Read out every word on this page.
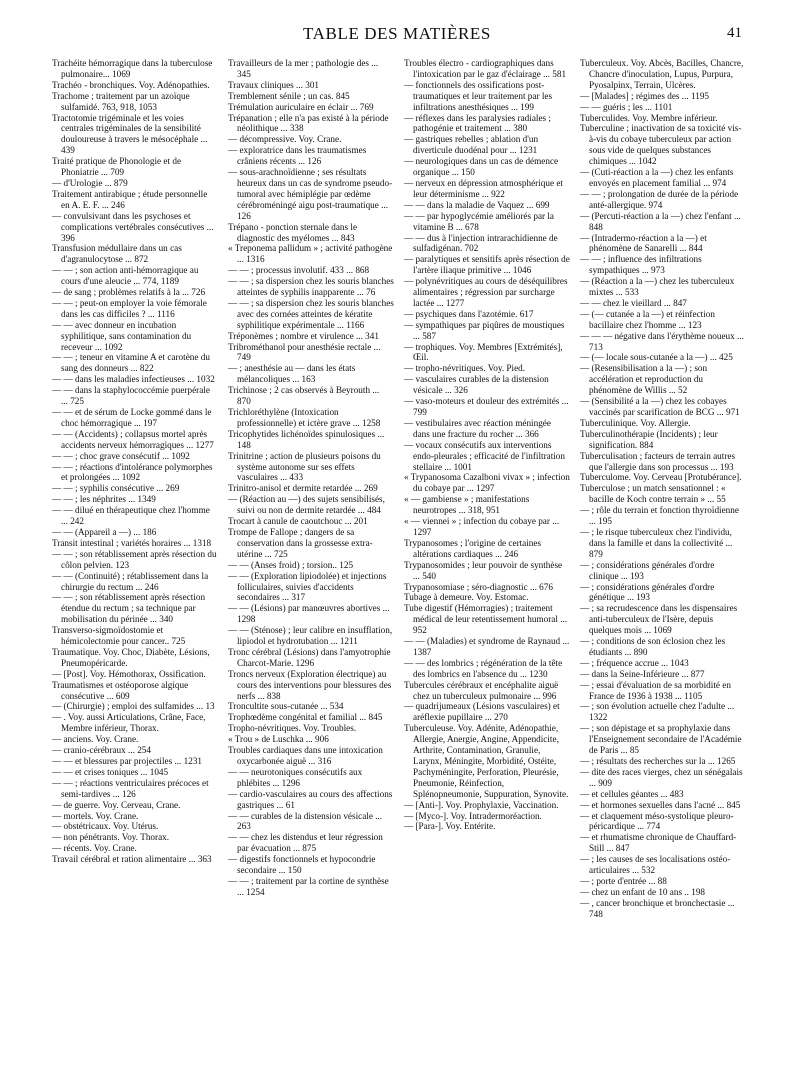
TABLE DES MATIÈRES	41

Trachéite hémorragique dans la tuberculose pulmonaire... 1069

Trachéo - bronchiques. Voy. Adénopathies.

Trachome ; traitement par un azoïque sulfamidé. 763, 918, 1053

Tractotomie trigéminale et les voies centrales trigéminales de la sensibilité douloureuse à travers le mésocéphale ... 439

Traité pratique de Phonologie et de Phoniatrie ... 709

— d'Urologie ... 879

Traitement antirabique ; étude personnelle en A. E. F. ... 246

— convulsivant dans les psychoses et complications vertébrales consécutives ... 396

Transfusion médullaire dans un cas d'agranulocytose ... 872

— — ; son action anti-hémorragique au cours d'une aleucie ... 774, 1189

— de sang ; problèmes relatifs à la ... 726

— — ; peut-on employer la voie fémorale dans les cas difficiles ? ... 1116

— — avec donneur en incubation syphilitique, sans contamination du receveur ... 1092

— — ; teneur en vitamine A et carotène du sang des donneurs ... 822

— — dans les maladies infectieuses ... 1032

— — dans la staphylococcémie puerpérale ... 725

— — et de sérum de Locke gommé dans le choc hémorragique ... 197

— — (Accidents) ; collapsus mortel après accidents nerveux hémorragiques ... 1277

— — ; choc grave consécutif ... 1092

— — ; réactions d'intolérance polymorphes et prolongées ... 1092

— — ; syphilis consécutive ... 269

— — ; les néphrites ... 1349

— — dilué en thérapeutique chez l'homme ... 242

— — (Appareil a —) ... 186

Transit intestinal ; variétés horaires ... 1318

— — ; son rétablissement après résection du côlon pelvien. 123

— — (Continuité) ; rétablissement dans la chirurgie du rectum ... 246

— — ; son rétablissement après résection étendue du rectum ; sa technique par mobilisation du périnée ... 340

Transverso-sigmoïdostomie et hémicolectomie pour cancer.. 725

Traumatique. Voy. Choc, Diabète, Lésions, Pneumopéricarde.

— [Post]. Voy. Hémothorax, Ossification.

Traumatismes et ostéoporose algique consécutive ... 609

— (Chirurgie) ; emploi des sulfamides ... 13

— . Voy. aussi Articulations, Crâne, Face, Membre inférieur, Thorax.

— anciens. Voy. Crane.

— cranio-cérébraux ... 254

— — et blessures par projectiles ... 1231

— — et crises toniques ... 1045

— — ; réactions ventriculaires précoces et semi-tardives ... 126

— de guerre. Voy. Cerveau, Crane.

— mortels. Voy. Crane.

— obstétricaux. Voy. Utérus.

— non pénétrants. Voy. Thorax.

— récents. Voy. Crane.

Travail cérébral et ration alimentaire ... 363

Travailleurs de la mer ; pathologie des ... 345

Travaux cliniques ... 301

Tremblement sénile ; un cas. 845

Trémulation auriculaire en éclair ... 769

Trépanation ; elle n'a pas existé à la période néolithique ... 338

— décompressive. Voy. Crane.

— exploratrice dans les traumatismes crâniens récents ... 126

— sous-arachnoïdienne ; ses résultats heureux dans un cas de syndrome pseudo-tumoral avec hémiplégie par œdème cérébroméningé aigu post-traumatique ... 126

Trépano - ponction sternale dans le diagnostic des myélomes ... 843

« Treponema pallidum » ; activité pathogène ... 1316

— — ; processus involutif. 433 ... 868

— — ; sa dispersion chez les souris blanches atteintes de syphilis inapparente ... 76

— — ; sa dispersion chez les souris blanches avec des cornées atteintes de kératite syphilitique expérimentale ... 1166

Tréponèmes ; nombre et virulence ... 341

Tribrométhanol pour anesthésie rectale ... 749

— ; anesthésie au — dans les états mélancoliques ... 163

Trichinose ; 2 cas observés à Beyrouth ... 870

Trichloréthylène (Intoxication professionnelle) et ictère grave ... 1258

Tricophytides lichénoïdes spinulosiques ... 148

Trinitrine ; action de plusieurs poisons du système autonome sur ses effets vasculaires ... 433

Trinitro-anisol et dermite retardée ... 269

— (Réaction au —) des sujets sensibilisés, suivi ou non de dermite retardée ... 484

Trocart à canule de caoutchouc ... 201

Trompe de Fallope ; dangers de sa conservation dans la grossesse extra-utérine ... 725

— — (Anses froid) ; torsion.. 125

— — (Exploration lipiodolée) et injections folliculaires, suivies d'accidents secondaires ... 317

— — (Lésions) par manœuvres abortives ... 1298

— — (Sténose) ; leur calibre en insufflation, lipiodol et hydrotubation ... 1211

Tronc cérébral (Lésions) dans l'amyotrophie Charcot-Marie. 1296

Troncs nerveux (Exploration électrique) au cours des interventions pour blessures des nerfs ... 838

Troncultite sous-cutanée ... 534

Trophœdème congénital et familial ... 845

Tropho-névritiques. Voy. Troubles.

« Trou » de Luschka ... 906

Troubles cardiaques dans une intoxication oxycarbonée aiguë ... 316

— — neurotoniques consécutifs aux phlébites ... 1296

— cardio-vasculaires au cours des affections gastriques ... 61

— — curables de la distension vésicale ... 263

— — chez les distendus et leur régression par évacuation ... 875

— digestifs fonctionnels et hypocondrie secondaire ... 150

— — ; traitement par la cortine de synthèse ... 1254

Troubles électro - cardiographiques dans l'intoxication par le gaz d'éclairage ... 581

— fonctionnels des ossifications post-traumatiques et leur traitement par les infiltrations anesthésiques ... 199

— réflexes dans les paralysies radiales ; pathogénie et traitement ... 380

— gastriques rebelles ; ablation d'un diverticule duodénal pour ... 1231

— neurologiques dans un cas de démence organique ... 150

— nerveux en dépression atmosphérique et leur déterminisme ... 922

— — dans la maladie de Vaquez ... 699

— — par hypoglycémie améliorés par la vitamine B ... 678

— — dus à l'injection intrarachidienne de sulfadigénan. 702

— paralytiques et sensitifs après résection de l'artère iliaque primitive ... 1046

— polynévritiques au cours de déséquilibres alimentaires ; régression par surcharge lactée ... 1277

— psychiques dans l'azotémie. 617

— sympathiques par piqûres de moustiques ... 587

— trophiques. Voy. Membres [Extrémités], Œil.

— tropho-névritiques. Voy. Pied.

— vasculaires curables de la distension vésicale ... 326

— vaso-moteurs et douleur des extrémités ... 799

— vestibulaires avec réaction méningée dans une fracture du rocher ... 366

— vocaux consécutifs aux interventions endo-pleurales ; efficacité de l'infiltration stellaire ... 1001

« Trypanosoma Cazalboni vivax » ; infection du cobaye par ... 1297

« — gambiense » ; manifestations neurotropes ... 318, 951

« — viennei » ; infection du cobaye par ... 1297

Trypanosomes ; l'origine de certaines altérations cardiaques ... 246

Trypanosomides ; leur pouvoir de synthèse ... 540

Trypanosomiase ; séro-diagnostic ... 676

Tubage à demeure. Voy. Estomac.

Tube digestif (Hémorragies) ; traitement médical de leur retentissement humoral ... 952

— — (Maladies) et syndrome de Raynaud ... 1387

— — des lombrics ; régénération de la tête des lombrics en l'absence du ... 1230

Tubercules cérébraux et encéphalite aiguë chez un tuberculeux pulmonaire ... 996

— quadrijumeaux (Lésions vasculaires) et aréflexie pupillaire ... 270

Tuberculeuse. Voy. Adénite, Adénopathie, Allergie, Anergie, Angine, Appendicite, Arthrite, Contamination, Granulie, Larynx, Méningite, Morbidité, Ostéite, Pachyméningite, Perforation, Pleurésie, Pneumonie, Réinfection, Splénopneumonie, Suppuration, Synovite.

— [Anti-]. Voy. Prophylaxie, Vaccination.

— [Myco-]. Voy. Intradermoréaction.

— [Para-]. Voy. Entérite.

Tuberculeux. Voy. Abcès, Bacilles, Chancre, Chancre d'inoculation, Lupus, Purpura, Pyosalpinx, Terrain, Ulcères.

— [Malades] ; régimes des ... 1195

— — guéris ; les ... 1101

Tuberculides. Voy. Membre inférieur.

Tuberculine ; inactivation de sa toxicité vis-à-vis du cobaye tuberculeux par action sous vide de quelques substances chimiques ... 1042

— (Cuti-réaction a la —) chez les enfants envoyés en placement familial ... 974

— — ; prolongation de durée de la période anté-allergique. 974

— (Percuti-réaction a la —) chez l'enfant ... 848

— (Intradermo-réaction a la —) et phénomène de Sanarelli ... 844

— — ; influence des infiltrations sympathiques ... 973

— (Réaction a la —) chez les tuberculeux mixtes ... 533

— — chez le vieillard ... 847

— (— cutanée a la —) et réinfection bacillaire chez l'homme ... 123

— — — négative dans l'érythème noueux ... 713

— (— locale sous-cutanée a la —) ... 425

— (Resensibilisation a la —) ; son accélération et reproduction du phénomène de Willis ... 52

— (Sensibilité a la —) chez les cobayes vaccinés par scarification de BCG ... 971

Tuberculinique. Voy. Allergie.

Tuberculinothérapie (Incidents) ; leur signification. 884

Tuberculisation ; facteurs de terrain autres que l'allergie dans son processus ... 193

Tuberculome. Voy. Cerveau [Protubérance].

Tuberculose ; un match sensationnel : « bacille de Koch contre terrain » ... 55

— ; rôle du terrain et fonction thyroïdienne ... 195

— ; le risque tuberculeux chez l'individu, dans la famille et dans la collectivité ... 879

— ; considérations générales d'ordre clinique ... 193

— ; considérations générales d'ordre génétique ... 193

— ; sa recrudescence dans les dispensaires anti-tuberculeux de l'Isère, depuis quelques mois ... 1069

— ; conditions de son éclosion chez les étudiants ... 890

— ; fréquence accrue ... 1043

— dans la Seine-Inférieure ... 877

— ; essai d'évaluation de sa morbidité en France de 1936 à 1938 ... 1105

— ; son évolution actuelle chez l'adulte ... 1322

— ; son dépistage et sa prophylaxie dans l'Enseignement secondaire de l'Académie de Paris ... 85

— ; résultats des recherches sur la ... 1265

— dite des races vierges, chez un sénégalais ... 909

— et cellules géantes ... 483

— et hormones sexuelles dans l'acné ... 845

— et claquement méso-systolique pleuro-péricardique ... 774

— et rhumatisme chronique de Chauffard-Still ... 847

— ; les causes de ses localisations ostéo-articulaires ... 532

— ; porte d'entrée ... 88

— chez un enfant de 10 ans .. 198

— , cancer bronchique et bronchectasie ... 748
